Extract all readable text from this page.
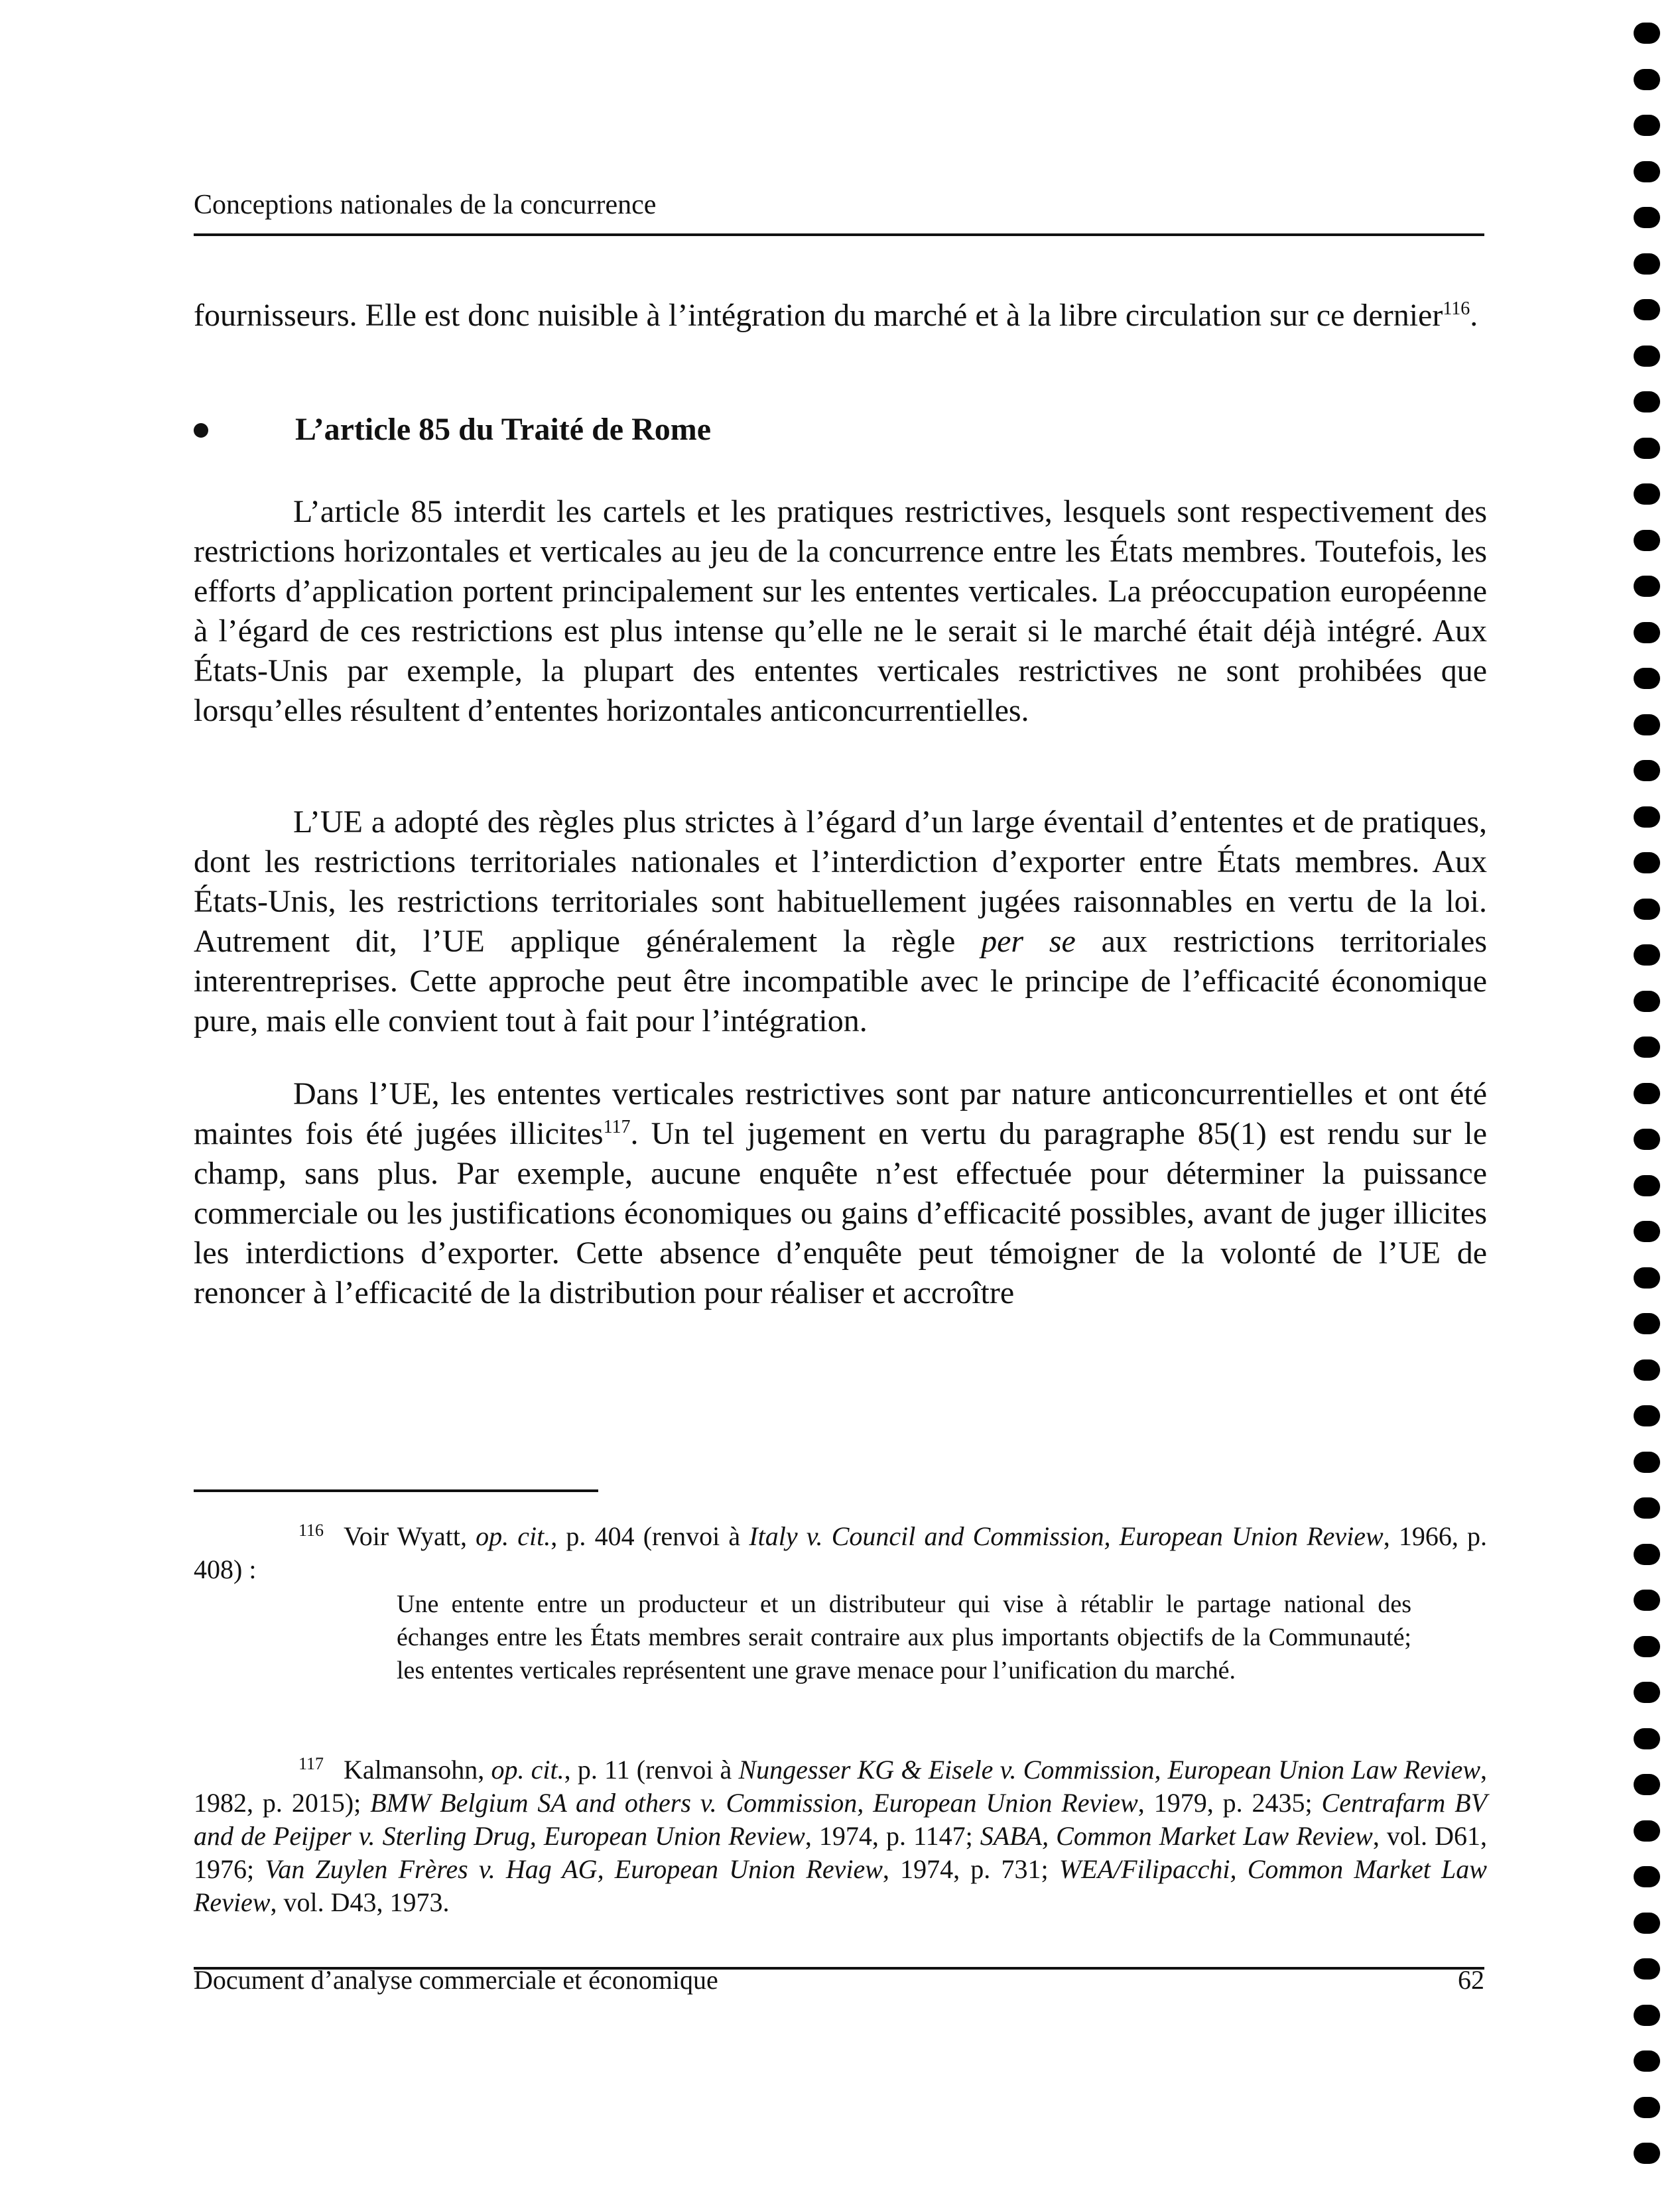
Conceptions nationales de la concurrence

fournisseurs. Elle est donc nuisible à l’intégration du marché et à la libre circulation sur ce dernier$^{116}$.

L’article 85 du Traité de Rome

L’article 85 interdit les cartels et les pratiques restrictives, lesquels sont respectivement des restrictions horizontales et verticales au jeu de la concurrence entre les États membres. Toutefois, les efforts d’application portent principalement sur les ententes verticales. La préoccupation européenne à l’égard de ces restrictions est plus intense qu’elle ne le serait si le marché était déjà intégré. Aux États-Unis par exemple, la plupart des ententes verticales restrictives ne sont prohibées que lorsqu’elles résultent d’ententes horizontales anticoncurrentielles.

L’UE a adopté des règles plus strictes à l’égard d’un large éventail d’ententes et de pratiques, dont les restrictions territoriales nationales et l’interdiction d’exporter entre États membres. Aux États-Unis, les restrictions territoriales sont habituellement jugées raisonnables en vertu de la loi. Autrement dit, l’UE applique généralement la règle per se aux restrictions territoriales interentreprises. Cette approche peut être incompatible avec le principe de l’efficacité économique pure, mais elle convient tout à fait pour l’intégration.

Dans l’UE, les ententes verticales restrictives sont par nature anticoncurrentielles et ont été maintes fois été jugées illicites$^{117}$. Un tel jugement en vertu du paragraphe 85(1) est rendu sur le champ, sans plus. Par exemple, aucune enquête n’est effectuée pour déterminer la puissance commerciale ou les justifications économiques ou gains d’efficacité possibles, avant de juger illicites les interdictions d’exporter. Cette absence d’enquête peut témoigner de la volonté de l’UE de renoncer à l’efficacité de la distribution pour réaliser et accroître

$^{116}$ Voir Wyatt, op. cit., p. 404 (renvoi à Italy v. Council and Commission, European Union Review, 1966, p. 408) :

Une entente entre un producteur et un distributeur qui vise à rétablir le partage national des échanges entre les États membres serait contraire aux plus importants objectifs de la Communauté; les ententes verticales représentent une grave menace pour l’unification du marché.

$^{117}$ Kalmansohn, op. cit., p. 11 (renvoi à Nungesser KG & Eisele v. Commission, European Union Law Review, 1982, p. 2015); BMW Belgium SA and others v. Commission, European Union Review, 1979, p. 2435; Centrafarm BV and de Peijper v. Sterling Drug, European Union Review, 1974, p. 1147; SABA, Common Market Law Review, vol. D61, 1976; Van Zuylen Frères v. Hag AG, European Union Review, 1974, p. 731; WEA/Filipacchi, Common Market Law Review, vol. D43, 1973.

Document d’analyse commerciale et économique	62
